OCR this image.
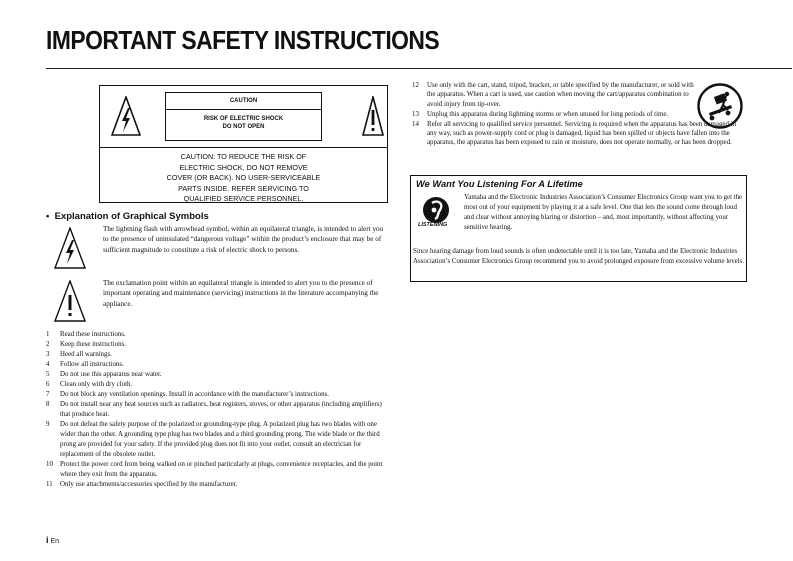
IMPORTANT SAFETY INSTRUCTIONS
CAUTION
RISK OF ELECTRIC SHOCK
DO NOT OPEN
CAUTION: TO REDUCE THE RISK OF
ELECTRIC SHOCK, DO NOT REMOVE
COVER (OR BACK). NO USER-SERVICEABLE
PARTS INSIDE. REFER SERVICING TO
QUALIFIED SERVICE PERSONNEL.
• Explanation of Graphical Symbols
The lightning flash with arrowhead symbol, within an equilateral triangle, is intended to alert you to the presence of uninsulated “dangerous voltage” within the product’s enclosure that may be of sufficient magnitude to constitute a risk of electric shock to persons.
The exclamation point within an equilateral triangle is intended to alert you to the presence of important operating and maintenance (servicing) instructions in the literature accompanying the appliance.
1 Read these instructions.
2 Keep these instructions.
3 Heed all warnings.
4 Follow all instructions.
5 Do not use this apparatus near water.
6 Clean only with dry cloth.
7 Do not block any ventilation openings. Install in accordance with the manufacturer’s instructions.
8 Do not install near any heat sources such as radiators, heat registers, stoves, or other apparatus (including amplifiers) that produce heat.
9 Do not defeat the safety purpose of the polarized or grounding-type plug. A polarized plug has two blades with one wider than the other. A grounding type plug has two blades and a third grounding prong. The wide blade or the third prong are provided for your safety. If the provided plug does not fit into your outlet, consult an electrician for replacement of the obsolete outlet.
10 Protect the power cord from being walked on or pinched particularly at plugs, convenience receptacles, and the point where they exit from the apparatus.
11 Only use attachments/accessories specified by the manufacturer.
12 Use only with the cart, stand, tripod, bracket, or table specified by the manufacturer, or sold with the apparatus. When a cart is used, use caution when moving the cart/apparatus combination to avoid injury from tip-over.
13 Unplug this apparatus during lightning storms or when unused for long periods of time.
14 Refer all servicing to qualified service personnel. Servicing is required when the apparatus has been damaged in any way, such as power-supply cord or plug is damaged, liquid has been spilled or objects have fallen into the apparatus, the apparatus has been exposed to rain or moisture, does not operate normally, or has been dropped.
We Want You Listening For A Lifetime
LISTENING
Yamaha and the Electronic Industries Association’s Consumer Electronics Group want you to get the most out of your equipment by playing it at a safe level. One that lets the sound come through loud and clear without annoying blaring or distortion – and, most importantly, without affecting your sensitive hearing.
Since hearing damage from loud sounds is often undetectable until it is too late, Yamaha and the Electronic Industries Association’s Consumer Electronics Group recommend you to avoid prolonged exposure from excessive volume levels.
i En
